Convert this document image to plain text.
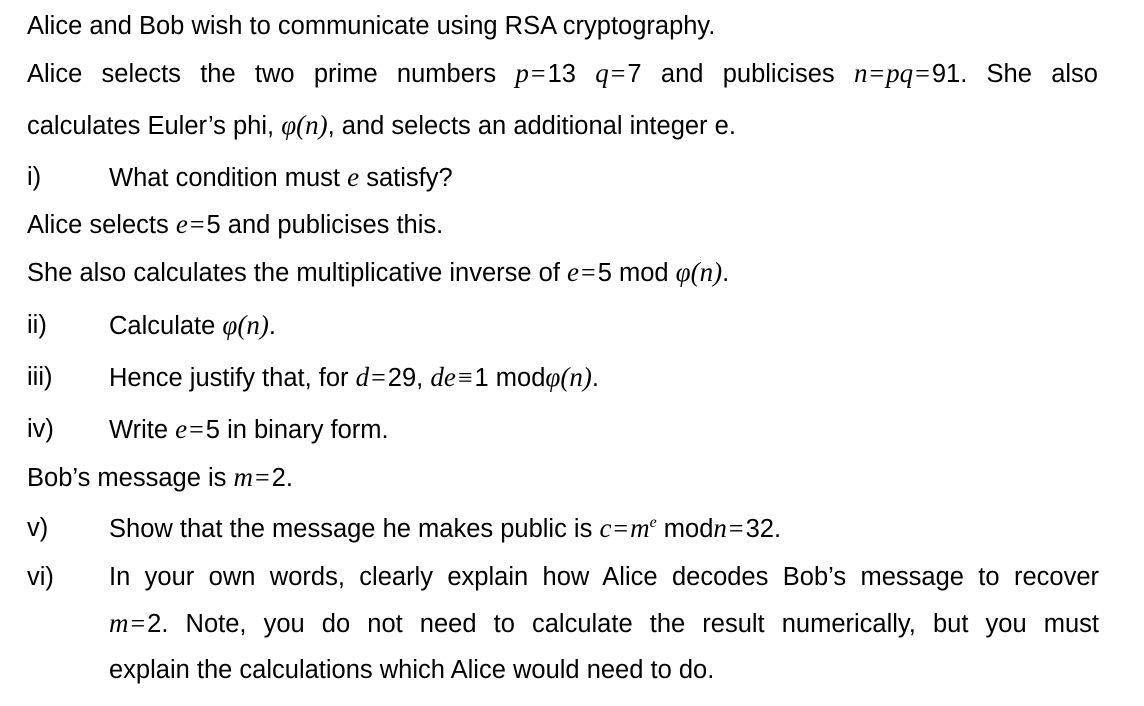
Alice and Bob wish to communicate using RSA cryptography.
Alice selects the two prime numbers p=13 q=7 and publicises n=pq=91. She also
calculates Euler’s phi, φ(n), and selects an additional integer e.
i)	What condition must e satisfy?
Alice selects e=5 and publicises this.
She also calculates the multiplicative inverse of e=5 mod φ(n).
ii) Calculate φ(n).
iii) Hence justify that, for d=29, de≡1 modφ(n).
iv) Write e=5 in binary form.
Bob’s message is m=2.
v) Show that the message he makes public is $c=m^e$ modn=32.
vi) In your own words, clearly explain how Alice decodes Bob’s message to recover
m=2. Note, you do not need to calculate the result numerically, but you must
explain the calculations which Alice would need to do.
